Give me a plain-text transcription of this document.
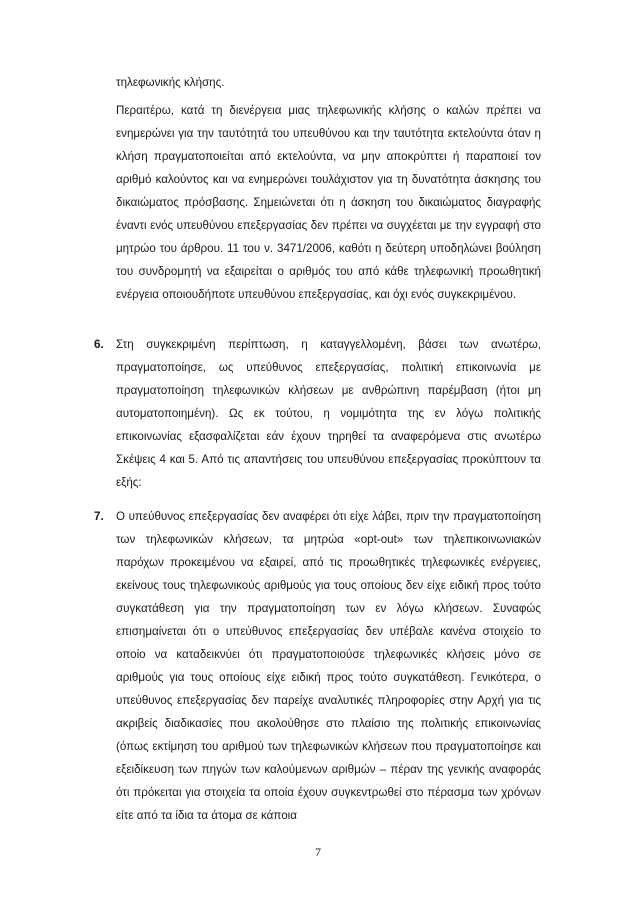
τηλεφωνικής κλήσης.

Περαιτέρω, κατά τη διενέργεια μιας τηλεφωνικής κλήσης ο καλών πρέπει να ενημερώνει για την ταυτότητά του υπευθύνου και την ταυτότητα εκτελούντα όταν η κλήση πραγματοποιείται από εκτελούντα, να μην αποκρύπτει ή παραποιεί τον αριθμό καλούντος και να ενημερώνει τουλάχιστον για τη δυνατότητα άσκησης του δικαιώματος πρόσβασης. Σημειώνεται ότι η άσκηση του δικαιώματος διαγραφής έναντι ενός υπευθύνου επεξεργασίας δεν πρέπει να συγχέεται με την εγγραφή στο μητρώο του άρθρου. 11 του ν. 3471/2006, καθότι η δεύτερη υποδηλώνει βούληση του συνδρομητή να εξαιρείται ο αριθμός του από κάθε τηλεφωνική προωθητική ενέργεια οποιουδήποτε υπευθύνου επεξεργασίας, και όχι ενός συγκεκριμένου.

6.	Στη συγκεκριμένη περίπτωση, η καταγγελλομένη, βάσει των ανωτέρω, πραγματοποίησε, ως υπεύθυνος επεξεργασίας, πολιτική επικοινωνία με πραγματοποίηση τηλεφωνικών κλήσεων με ανθρώπινη παρέμβαση (ήτοι μη αυτοματοποιημένη). Ως εκ τούτου, η νομιμότητα της εν λόγω πολιτικής επικοινωνίας εξασφαλίζεται εάν έχουν τηρηθεί τα αναφερόμενα στις ανωτέρω Σκέψεις 4 και 5. Από τις απαντήσεις του υπευθύνου επεξεργασίας προκύπτουν τα εξής:

7.	Ο υπεύθυνος επεξεργασίας δεν αναφέρει ότι είχε λάβει, πριν την πραγματοποίηση των τηλεφωνικών κλήσεων, τα μητρώα «opt-out» των τηλεπικοινωνιακών παρόχων προκειμένου να εξαιρεί, από τις προωθητικές τηλεφωνικές ενέργειες, εκείνους τους τηλεφωνικούς αριθμούς για τους οποίους δεν είχε ειδική προς τούτο συγκατάθεση για την πραγματοποίηση των εν λόγω κλήσεων. Συναφώς επισημαίνεται ότι ο υπεύθυνος επεξεργασίας δεν υπέβαλε κανένα στοιχείο το οποίο να καταδεικνύει ότι πραγματοποιούσε τηλεφωνικές κλήσεις μόνο σε αριθμούς για τους οποίους είχε ειδική προς τούτο συγκατάθεση. Γενικότερα, ο υπεύθυνος επεξεργασίας δεν παρείχε αναλυτικές πληροφορίες στην Αρχή για τις ακριβείς διαδικασίες που ακολούθησε στο πλαίσιο της πολιτικής επικοινωνίας (όπως εκτίμηση του αριθμού των τηλεφωνικών κλήσεων που πραγματοποίησε και εξειδίκευση των πηγών των καλούμενων αριθμών – πέραν της γενικής αναφοράς ότι πρόκειται για στοιχεία τα οποία έχουν συγκεντρωθεί στο πέρασμα των χρόνων είτε από τα ίδια τα άτομα σε κάποια

7
